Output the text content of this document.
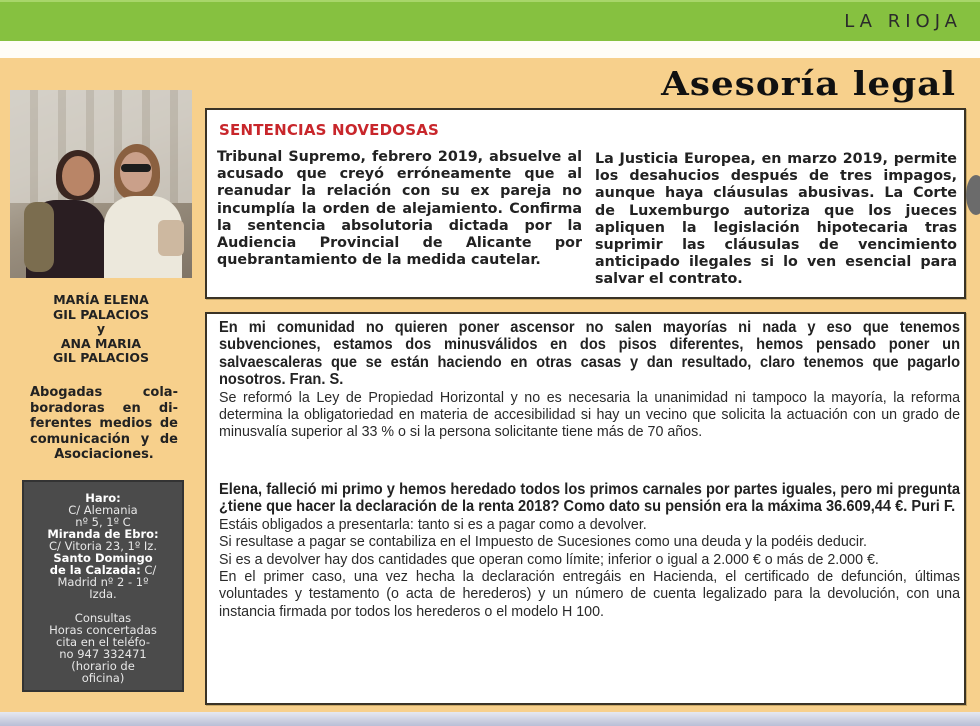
LA RIOJA
Asesoría legal
MARÍA ELENA
GIL PALACIOS
y
ANA MARIA
GIL PALACIOS

Abogadas colaboradoras en diferentes medios de comunicación y de Asociaciones.

Haro:
C/ Alemania
nº 5, 1º C
Miranda de Ebro:
C/ Vitoria 23, 1º Iz.
Santo Domingo
de la Calzada: C/
Madrid nº 2 - 1º
Izda.
Consultas
Horas concertadas
cita en el teléfo-
no 947 332471
(horario de
oficina)
SENTENCIAS NOVEDOSAS

Tribunal Supremo, febrero 2019, absuelve al acusado que creyó erróneamente que al reanudar la relación con su ex pareja no incumplía la orden de alejamiento. Confirma la sentencia absolutoria dictada por la Audiencia Provincial de Alicante por quebrantamiento de la medida cautelar.

La Justicia Europea, en marzo 2019, permite los desahucios después de tres impagos, aunque haya cláusulas abusivas. La Corte de Luxemburgo autoriza que los jueces apliquen la legislación hipotecaria tras suprimir las cláusulas de vencimiento anticipado ilegales si lo ven esencial para salvar el contrato.

En mi comunidad no quieren poner ascensor no salen mayorías ni nada y eso que tenemos subvenciones, estamos dos minusválidos en dos pisos diferentes, hemos pensado poner un salvaescaleras que se están haciendo en otras casas y dan resultado, claro tenemos que pagarlo nosotros. Fran. S.

Se reformó la Ley de Propiedad Horizontal y no es necesaria la unanimidad ni tampoco la mayoría, la reforma determina la obligatoriedad en materia de accesibilidad si hay un vecino que solicita la actuación con un grado de minusvalía superior al 33 % o si la persona solicitante tiene más de 70 años.

Elena, falleció mi primo y hemos heredado todos los primos carnales por partes iguales, pero mi pregunta ¿tiene que hacer la declaración de la renta 2018? Como dato su pensión era la máxima 36.609,44 €. Puri F.

Estáis obligados a presentarla: tanto si es a pagar como a devolver.

Si resultase a pagar se contabiliza en el Impuesto de Sucesiones como una deuda y la podéis deducir.

Si es a devolver hay dos cantidades que operan como límite; inferior o igual a 2.000 € o más de 2.000 €.

En el primer caso, una vez hecha la declaración entregáis en Hacienda, el certificado de defunción, últimas voluntades y testamento (o acta de herederos) y un número de cuenta legalizado para la devolución, con una instancia firmada por todos los herederos o el modelo H 100.
